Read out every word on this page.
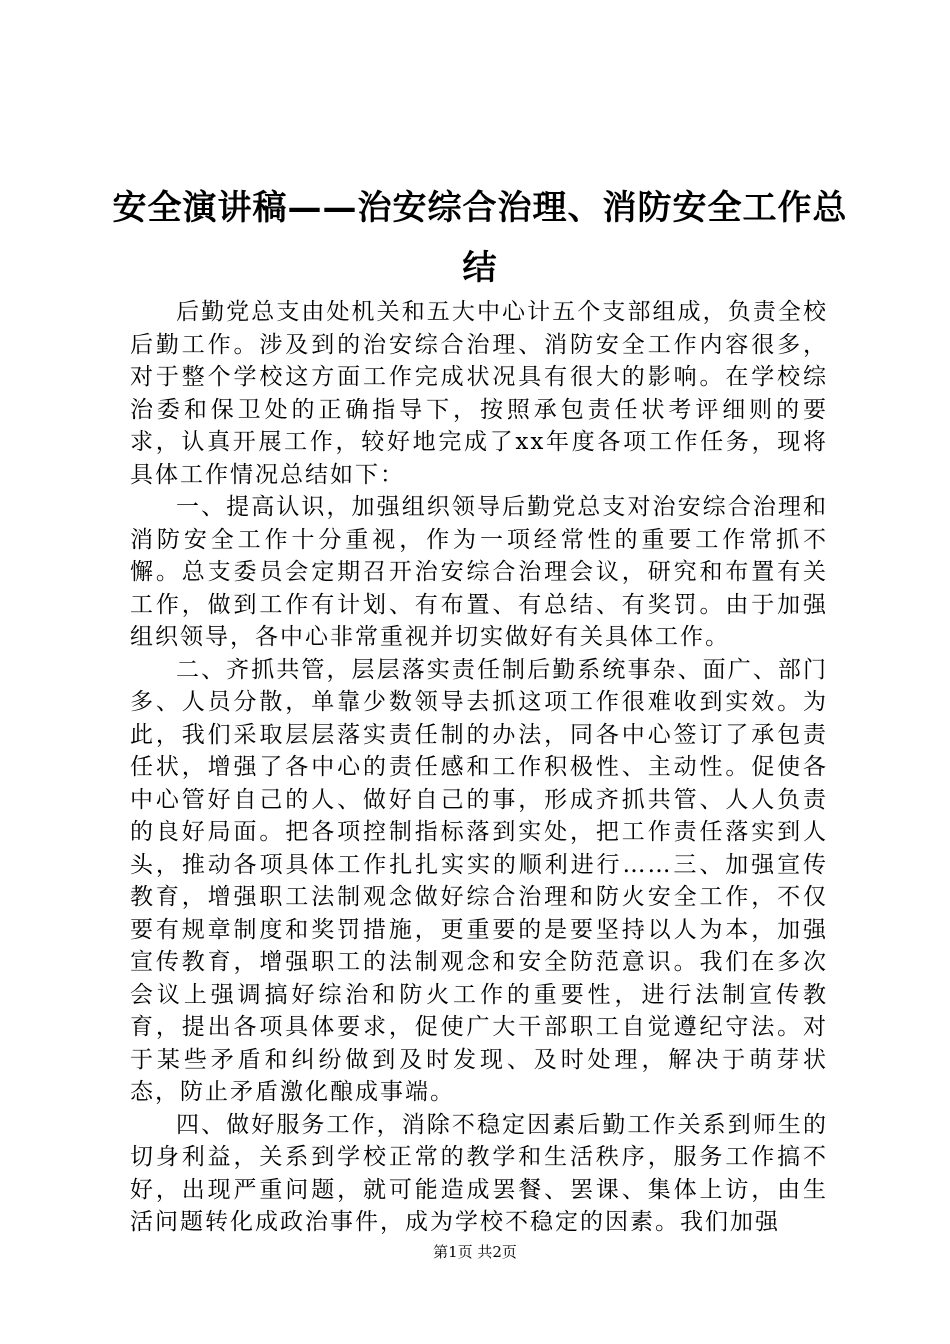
安全演讲稿——治安综合治理、消防安全工作总结

后勤党总支由处机关和五大中心计五个支部组成，负责全校后勤工作。涉及到的治安综合治理、消防安全工作内容很多，对于整个学校这方面工作完成状况具有很大的影响。在学校综治委和保卫处的正确指导下，按照承包责任状考评细则的要求，认真开展工作，较好地完成了xx年度各项工作任务，现将具体工作情况总结如下：

一、提高认识，加强组织领导后勤党总支对治安综合治理和消防安全工作十分重视，作为一项经常性的重要工作常抓不懈。总支委员会定期召开治安综合治理会议，研究和布置有关工作，做到工作有计划、有布置、有总结、有奖罚。由于加强组织领导，各中心非常重视并切实做好有关具体工作。

二、齐抓共管，层层落实责任制后勤系统事杂、面广、部门多、人员分散，单靠少数领导去抓这项工作很难收到实效。为此，我们采取层层落实责任制的办法，同各中心签订了承包责任状，增强了各中心的责任感和工作积极性、主动性。促使各中心管好自己的人、做好自己的事，形成齐抓共管、人人负责的良好局面。把各项控制指标落到实处，把工作责任落实到人头，推动各项具体工作扎扎实实的顺利进行……三、加强宣传教育，增强职工法制观念做好综合治理和防火安全工作，不仅要有规章制度和奖罚措施，更重要的是要坚持以人为本，加强宣传教育，增强职工的法制观念和安全防范意识。我们在多次会议上强调搞好综治和防火工作的重要性，进行法制宣传教育，提出各项具体要求，促使广大干部职工自觉遵纪守法。对于某些矛盾和纠纷做到及时发现、及时处理，解决于萌芽状态，防止矛盾激化酿成事端。

四、做好服务工作，消除不稳定因素后勤工作关系到师生的切身利益，关系到学校正常的教学和生活秩序，服务工作搞不好，出现严重问题，就可能造成罢餐、罢课、集体上访，由生活问题转化成政治事件，成为学校不稳定的因素。我们加强

第1页 共2页
